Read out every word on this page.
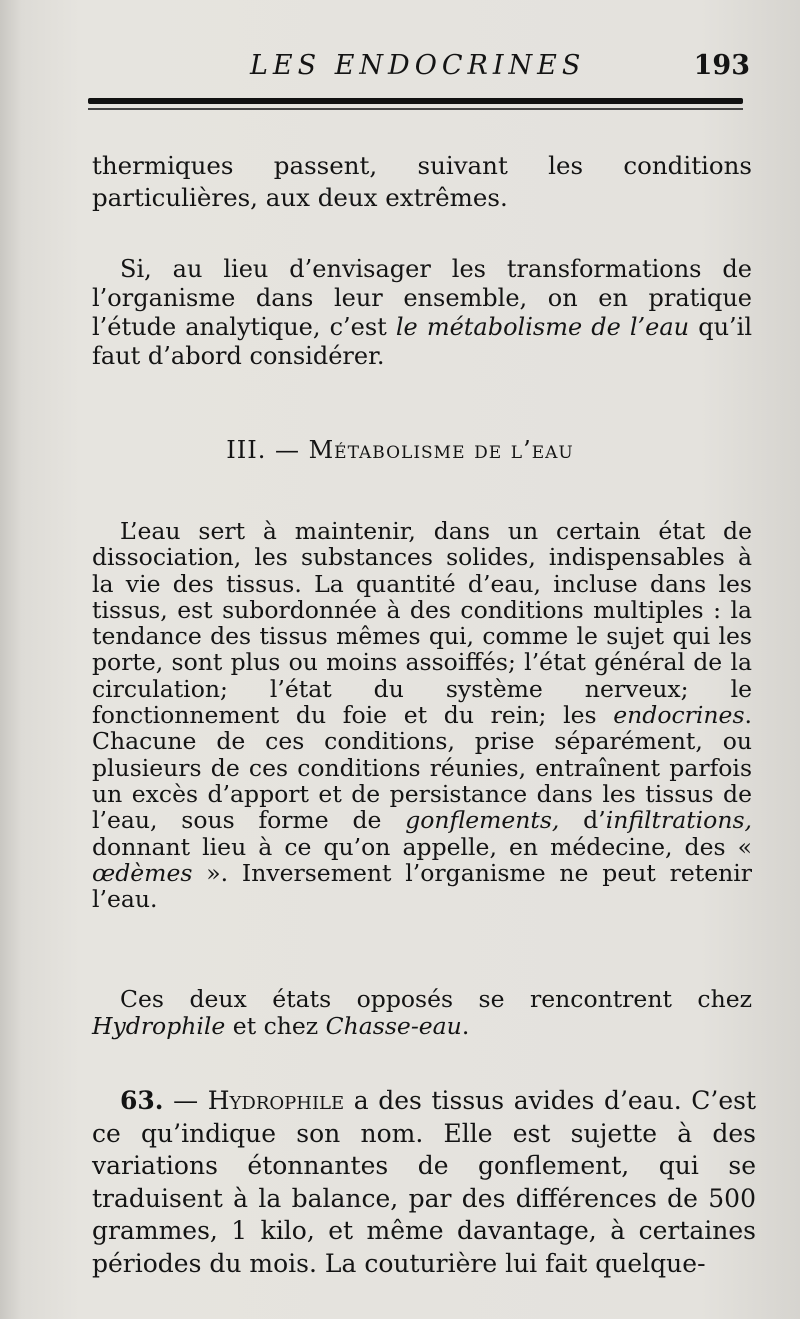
LES ENDOCRINES	193

thermiques passent, suivant les conditions particulières, aux deux extrêmes.

Si, au lieu d’envisager les transformations de l’organisme dans leur ensemble, on en pratique l’étude analytique, c’est le métabolisme de l’eau qu’il faut d’abord considérer.

III. — Métabolisme de l’eau

L’eau sert à maintenir, dans un certain état de dissociation, les substances solides, indispensables à la vie des tissus. La quantité d’eau, incluse dans les tissus, est subordonnée à des conditions multiples : la tendance des tissus mêmes qui, comme le sujet qui les porte, sont plus ou moins assoiffés; l’état général de la circulation; l’état du système nerveux; le fonctionnement du foie et du rein; les endocrines. Chacune de ces conditions, prise séparément, ou plusieurs de ces conditions réunies, entraînent parfois un excès d’apport et de persistance dans les tissus de l’eau, sous forme de gonflements, d’infiltrations, donnant lieu à ce qu’on appelle, en médecine, des « œdèmes ». Inversement l’organisme ne peut retenir l’eau.

Ces deux états opposés se rencontrent chez Hydrophile et chez Chasse-eau.

63. — Hydrophile a des tissus avides d’eau. C’est ce qu’indique son nom. Elle est sujette à des variations étonnantes de gonflement, qui se traduisent à la balance, par des différences de 500 grammes, 1 kilo, et même davantage, à certaines périodes du mois. La couturière lui fait quelque-
